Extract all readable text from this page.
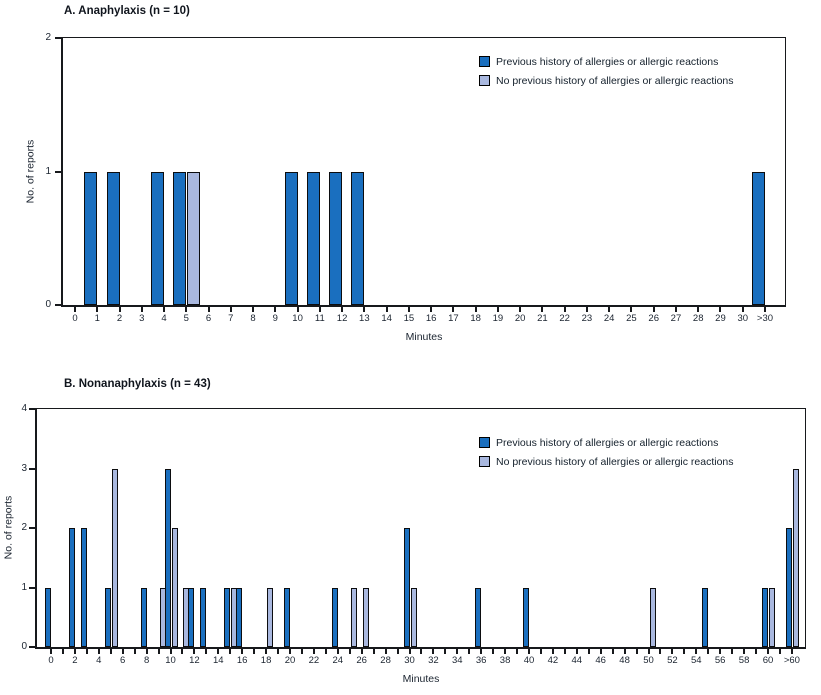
A. Anaphylaxis (n = 10)
No. of reports
Minutes
0
1
2
0 1 2 3 4 5 6 7 8 9 10 11 12 13 14 15 16 17 18 19 20 21 22 23 24 25 26 27 28 29 30 >30
Previous history of allergies or allergic reactions
No previous history of allergies or allergic reactions
B. Nonanaphylaxis (n = 43)
No. of reports
Minutes
0
1
2
3
4
0 2 4 6 8 10 12 14 16 18 20 22 24 26 28 30 32 34 36 38 40 42 44 46 48 50 52 54 56 58 60 >60
Previous history of allergies or allergic reactions
No previous history of allergies or allergic reactions
